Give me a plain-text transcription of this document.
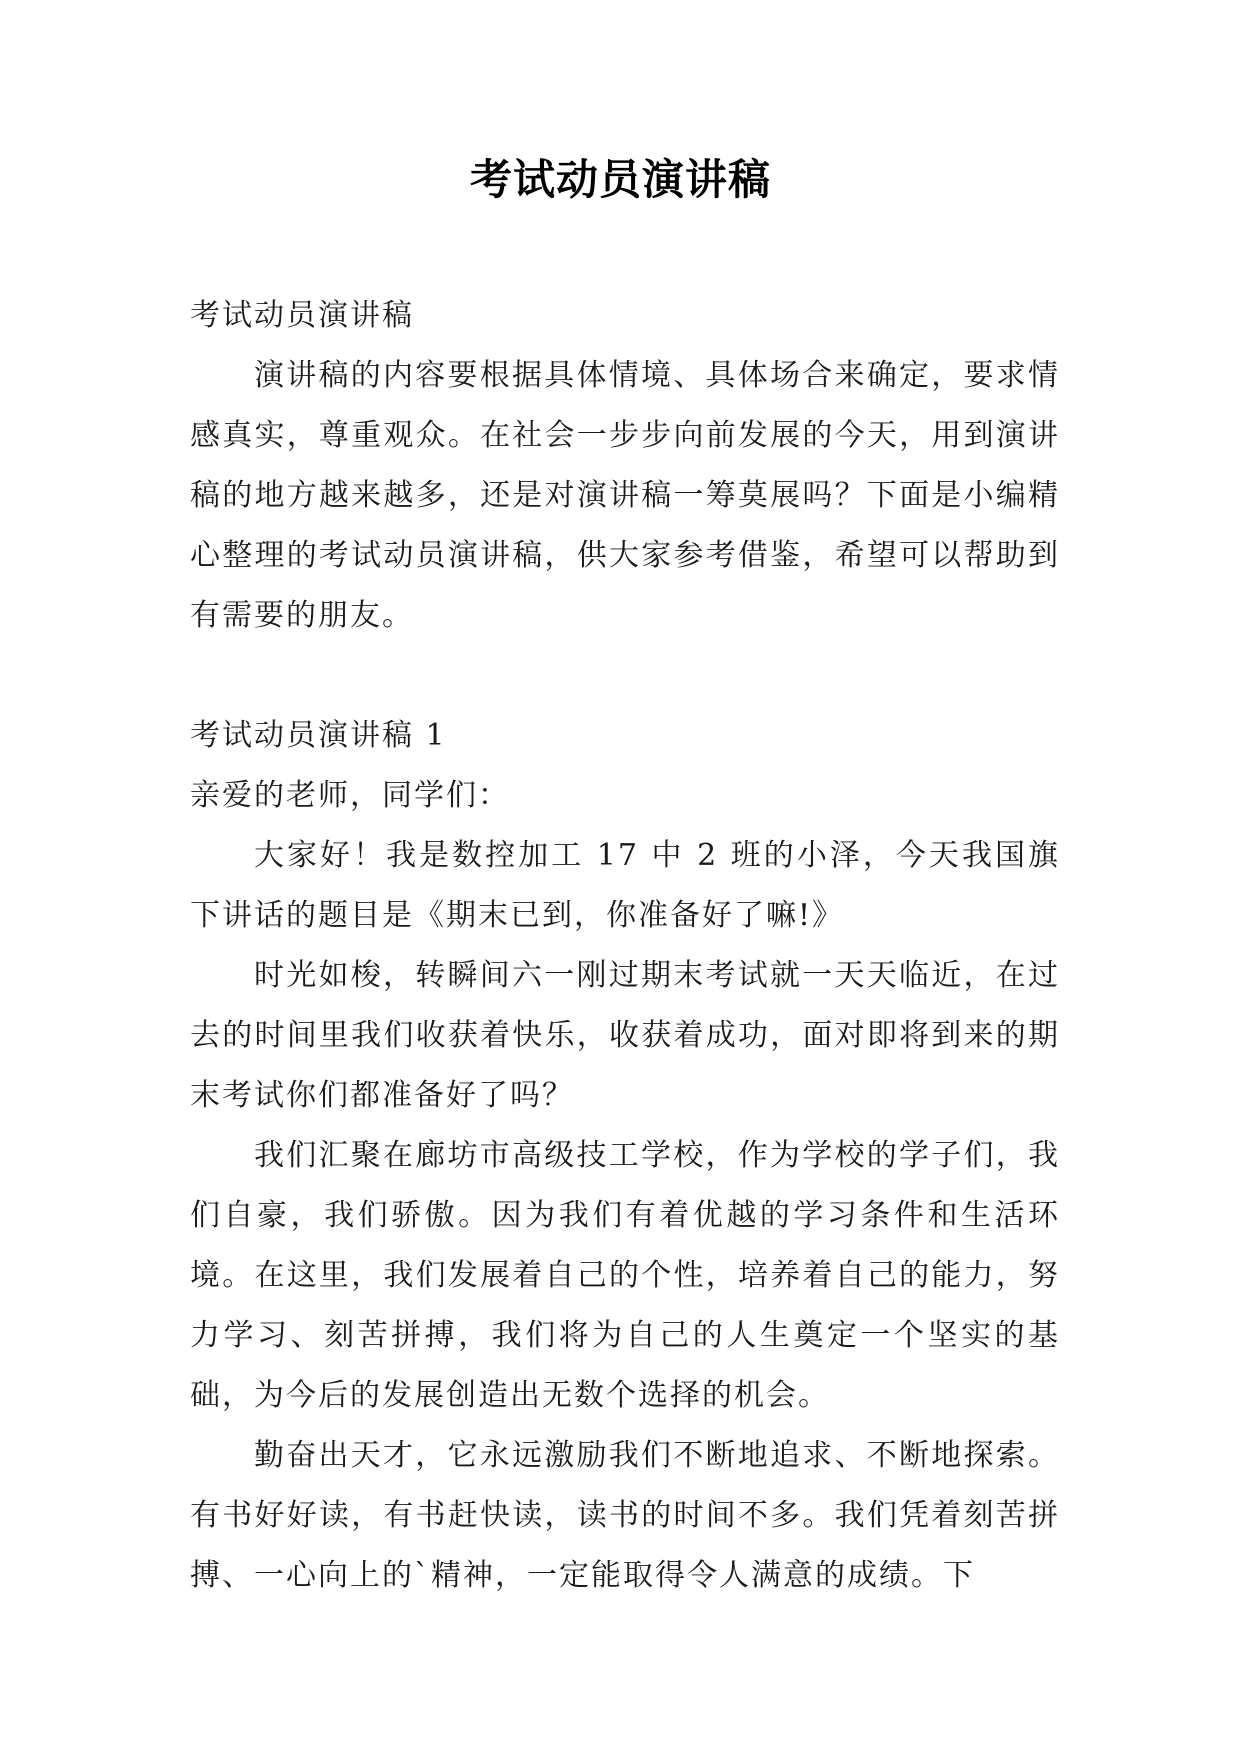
考试动员演讲稿

考试动员演讲稿

演讲稿的内容要根据具体情境、具体场合来确定，要求情感真实，尊重观众。在社会一步步向前发展的今天，用到演讲稿的地方越来越多，还是对演讲稿一筹莫展吗？下面是小编精心整理的考试动员演讲稿，供大家参考借鉴，希望可以帮助到有需要的朋友。

考试动员演讲稿 1

亲爱的老师，同学们：

大家好！我是数控加工 17 中 2 班的小泽，今天我国旗下讲话的题目是《期末已到，你准备好了嘛!》

时光如梭，转瞬间六一刚过期末考试就一天天临近，在过去的时间里我们收获着快乐，收获着成功，面对即将到来的期末考试你们都准备好了吗？

我们汇聚在廊坊市高级技工学校，作为学校的学子们，我们自豪，我们骄傲。因为我们有着优越的学习条件和生活环境。在这里，我们发展着自己的个性，培养着自己的能力，努力学习、刻苦拼搏，我们将为自己的人生奠定一个坚实的基础，为今后的发展创造出无数个选择的机会。

勤奋出天才，它永远激励我们不断地追求、不断地探索。有书好好读，有书赶快读，读书的时间不多。我们凭着刻苦拼搏、一心向上的`精神，一定能取得令人满意的成绩。下
